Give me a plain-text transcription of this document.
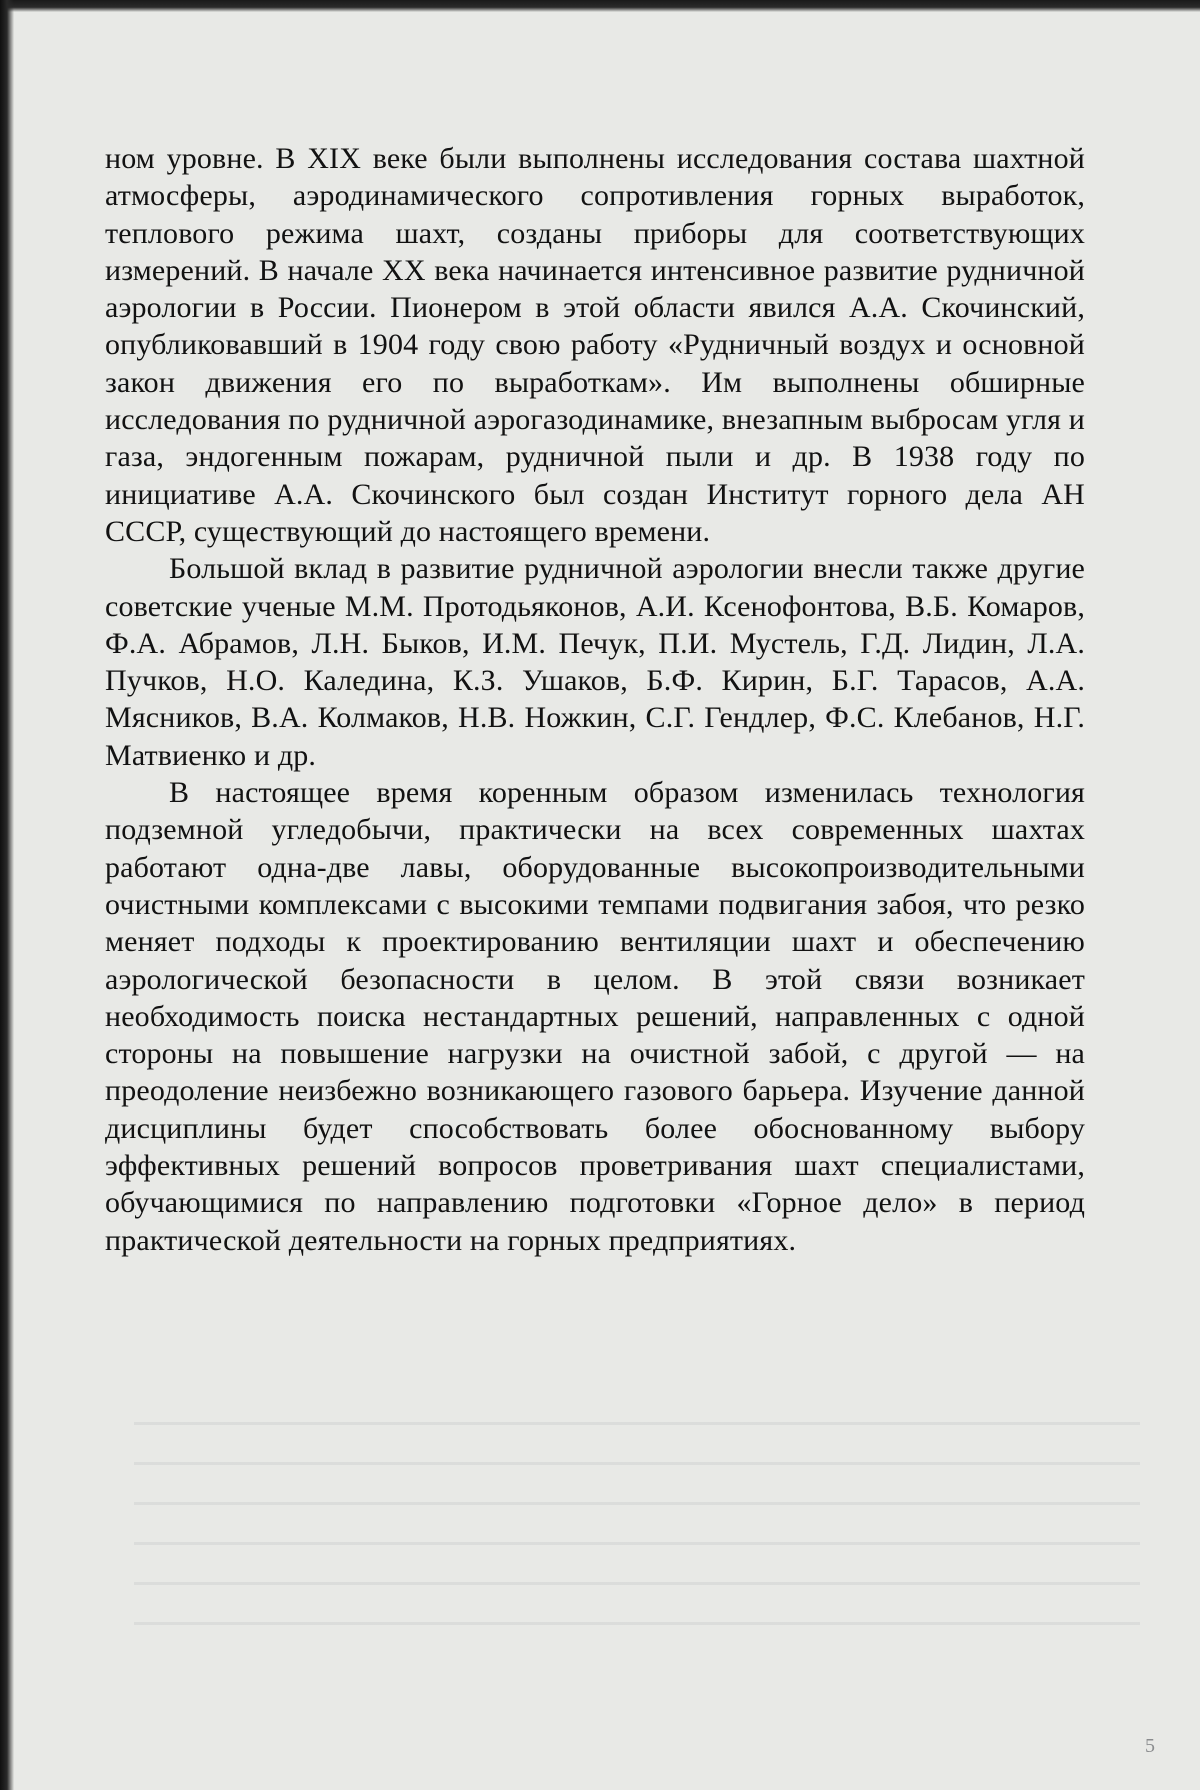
ном уровне. В XIX веке были выполнены исследования состава шахтной атмосферы, аэродинамического сопротивления горных выработок, теплового режима шахт, созданы приборы для соответствующих измерений. В начале XX века начинается интенсивное развитие рудничной аэрологии в России. Пионером в этой области явился А.А. Скочинский, опубликовавший в 1904 году свою работу «Рудничный воздух и основной закон движения его по выработкам». Им выполнены обширные исследования по рудничной аэрогазодинамике, внезапным выбросам угля и газа, эндогенным пожарам, рудничной пыли и др. В 1938 году по инициативе А.А. Скочинского был создан Институт горного дела АН СССР, существующий до настоящего времени.

Большой вклад в развитие рудничной аэрологии внесли также другие советские ученые М.М. Протодьяконов, А.И. Ксенофонтова, В.Б. Комаров, Ф.А. Абрамов, Л.Н. Быков, И.М. Печук, П.И. Мустель, Г.Д. Лидин, Л.А. Пучков, Н.О. Каледина, К.З. Ушаков, Б.Ф. Кирин, Б.Г. Тарасов, А.А. Мясников, В.А. Колмаков, Н.В. Ножкин, С.Г. Гендлер, Ф.С. Клебанов, Н.Г. Матвиенко и др.

В настоящее время коренным образом изменилась технология подземной угледобычи, практически на всех современных шахтах работают одна-две лавы, оборудованные высокопроизводительными очистными комплексами с высокими темпами подвигания забоя, что резко меняет подходы к проектированию вентиляции шахт и обеспечению аэрологической безопасности в целом. В этой связи возникает необходимость поиска нестандартных решений, направленных с одной стороны на повышение нагрузки на очистной забой, с другой — на преодоление неизбежно возникающего газового барьера. Изучение данной дисциплины будет способствовать более обоснованному выбору эффективных решений вопросов проветривания шахт специалистами, обучающимися по направлению подготовки «Горное дело» в период практической деятельности на горных предприятиях.

5
